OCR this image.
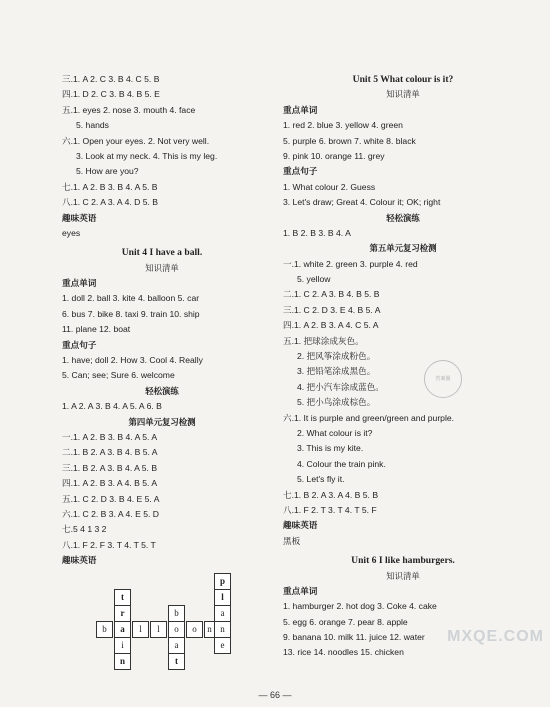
三.1. A 2. C 3. B 4. C 5. B
四.1. D 2. C 3. B 4. B 5. E
五.1. eyes 2. nose 3. mouth 4. face
5. hands
六.1. Open your eyes. 2. Not very well.
3. Look at my neck. 4. This is my leg.
5. How are you?
七.1. A 2. B 3. B 4. A 5. B
八.1. C 2. A 3. A 4. D 5. B
趣味英语
eyes
Unit 4 I have a ball.
知识清单
重点单词
1. doll 2. ball 3. kite 4. balloon 5. car
6. bus 7. bike 8. taxi 9. train 10. ship
11. plane 12. boat
重点句子
1. have; doll 2. How 3. Cool 4. Really
5. Can; see; Sure 6. welcome
轻松演练
1. A 2. A 3. B 4. A 5. A 6. B
第四单元复习检测
一.1. A 2. B 3. B 4. A 5. A
二.1. B 2. A 3. B 4. B 5. A
三.1. B 2. A 3. B 4. A 5. B
四.1. A 2. B 3. A 4. B 5. A
五.1. C 2. D 3. B 4. E 5. A
六.1. C 2. B 3. A 4. E 5. D
七.5 4 1 3 2
八.1. F 2. F 3. T 4. T 5. T
趣味英语
Unit 5 What colour is it?
知识清单
重点单词
1. red 2. blue 3. yellow 4. green
5. purple 6. brown 7. white 8. black
9. pink 10. orange 11. grey
重点句子
1. What colour 2. Guess
3. Let's draw; Great 4. Colour it; OK; right
轻松演练
1. B 2. B 3. B 4. A
第五单元复习检测
一.1. white 2. green 3. purple 4. red
5. yellow
二.1. C 2. A 3. B 4. B 5. B
三.1. C 2. D 3. E 4. B 5. A
四.1. A 2. B 3. A 4. C 5. A
五.1. 把球涂成灰色。
2. 把风筝涂成粉色。
3. 把铅笔涂成黑色。
4. 把小汽车涂成蓝色。
5. 把小鸟涂成棕色。
六.1. It is purple and green/green and purple.
2. What colour is it?
3. This is my kite.
4. Colour the train pink.
5. Let's fly it.
七.1. B 2. A 3. A 4. B 5. B
八.1. F 2. T 3. T 4. T 5. F
趣味英语
黑板
Unit 6 I like hamburgers.
知识清单
重点单词
1. hamburger 2. hot dog 3. Coke 4. cake
5. egg 6. orange 7. pear 8. apple
9. banana 10. milk 11. juice 12. water
13. rice 14. noodles 15. chicken
p
l
a
n
e
t
r
i
n
b	a	l	l	o	o	n
b
a
t
答案圈
MXQE.COM
— 66 —
